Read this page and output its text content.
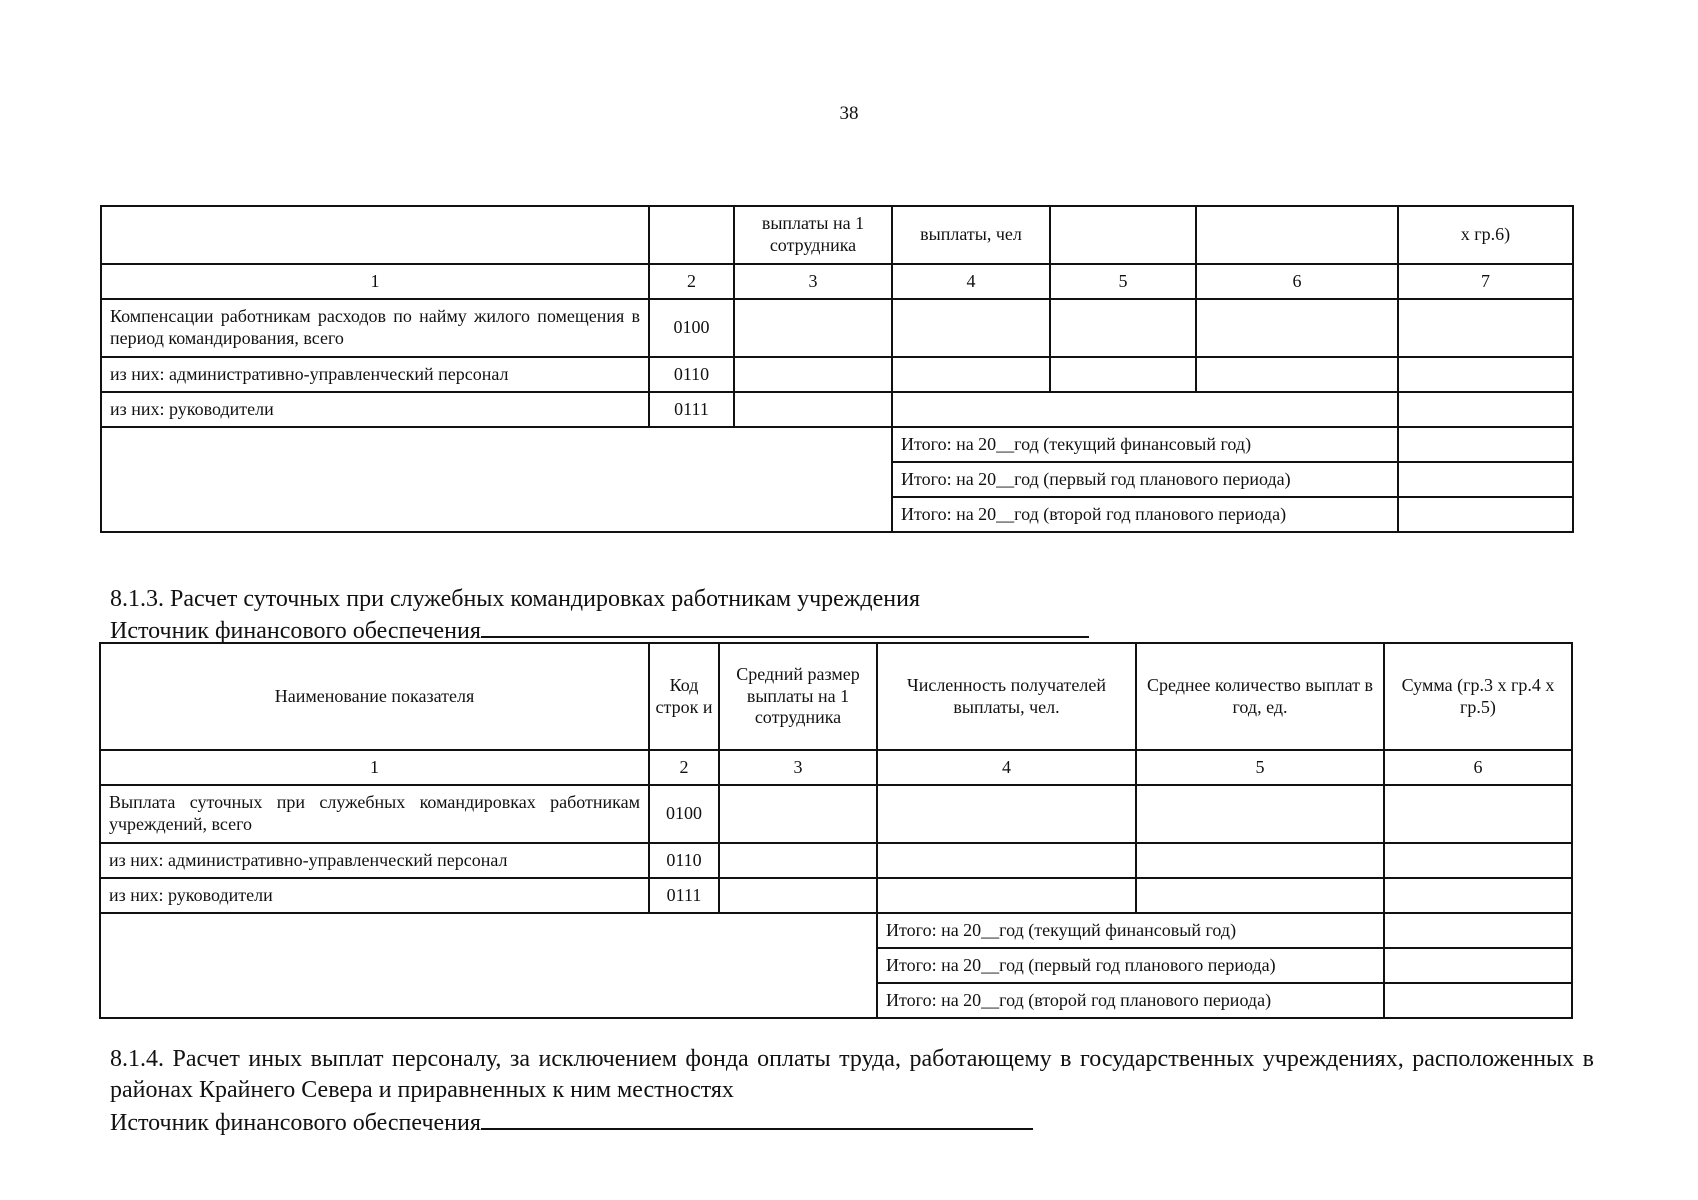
38
		выплаты на 1 сотрудника	выплаты, чел			x гр.6)
1	2	3	4	5	6	7
Компенсации работникам расходов по найму жилого помещения в период командирования, всего	0100					
из них: административно-управленческий персонал	0110					
из них: руководители	0111					
			Итого: на 20__год (текущий финансовый год)			
			Итого: на 20__год (первый год планового периода)			
			Итого: на 20__год (второй год планового периода)			
8.1.3. Расчет суточных при служебных командировках работникам учреждения
Источник финансового обеспечения
Наименование показателя	Код строк и	Средний размер выплаты на 1 сотрудника	Численность получателей выплаты, чел.	Среднее количество выплат в год, ед.	Сумма (гр.3 x гр.4 x гр.5)
1	2	3	4	5	6
Выплата суточных при служебных командировках работникам учреждений, всего	0100				
из них: административно-управленческий персонал	0110				
из них: руководители	0111				
			Итого: на 20__год (текущий финансовый год)		
			Итого: на 20__год (первый год планового периода)		
			Итого: на 20__год (второй год планового периода)		
8.1.4. Расчет иных выплат персоналу, за исключением фонда оплаты труда, работающему в государственных учреждениях, расположенных в районах Крайнего Севера и приравненных к ним местностях
Источник финансового обеспечения
